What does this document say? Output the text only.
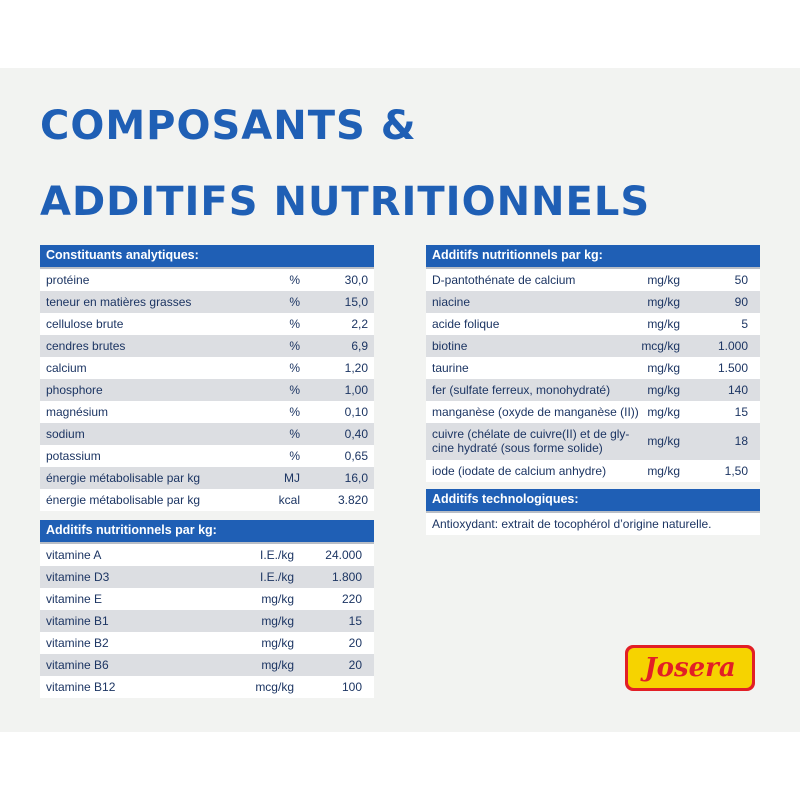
COMPOSANTS &
ADDITIFS NUTRITIONNELS
Constituants analytiques:
protéine	%	30,0
teneur en matières grasses	%	15,0
cellulose brute	%	2,2
cendres brutes	%	6,9
calcium	%	1,20
phosphore	%	1,00
magnésium	%	0,10
sodium	%	0,40
potassium	%	0,65
énergie métabolisable par kg	MJ	16,0
énergie métabolisable par kg	kcal	3.820
Additifs nutritionnels par kg:
vitamine A	I.E./kg	24.000
vitamine D3	I.E./kg	1.800
vitamine E	mg/kg	220
vitamine B1	mg/kg	15
vitamine B2	mg/kg	20
vitamine B6	mg/kg	20
vitamine B12	mcg/kg	100
Additifs nutritionnels par kg:
D-pantothénate de calcium	mg/kg	50
niacine	mg/kg	90
acide folique	mg/kg	5
biotine	mcg/kg	1.000
taurine	mg/kg	1.500
fer (sulfate ferreux, monohydraté)	mg/kg	140
manganèse (oxyde de manganèse (II)) mg/kg	15
cuivre (chélate de cuivre(II) et de gly-
cine hydraté (sous forme solide)	mg/kg	18
iode (iodate de calcium anhydre)	mg/kg	1,50
Additifs technologiques:
Antioxydant: extrait de tocophérol d’origine naturelle.
Josera
